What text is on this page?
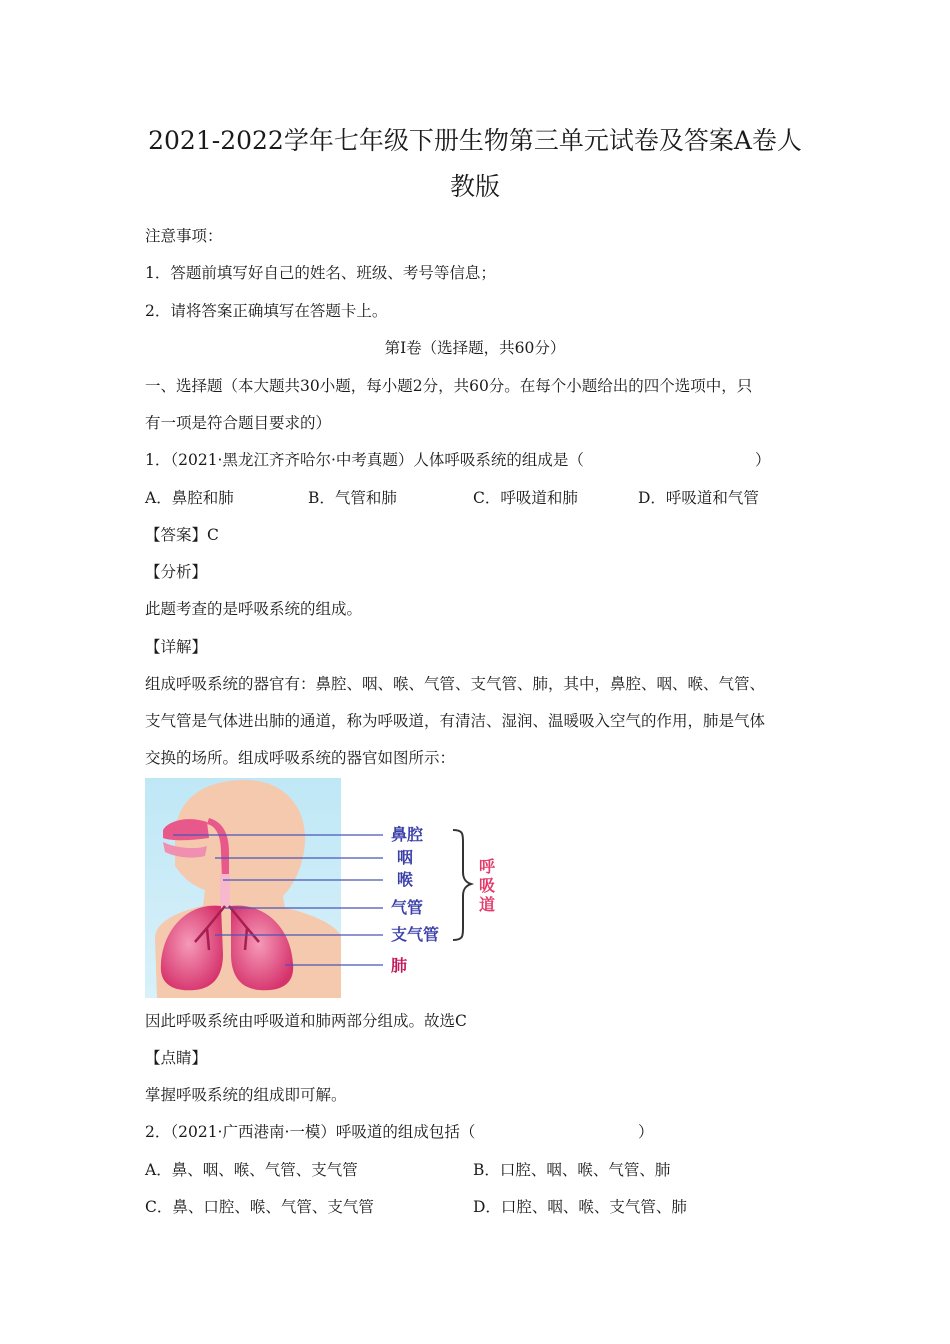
2021-2022学年七年级下册生物第三单元试卷及答案A卷人
教版
注意事项：
1．答题前填写好自己的姓名、班级、考号等信息；
2．请将答案正确填写在答题卡上。
第I卷（选择题，共60分）
一、选择题（本大题共30小题，每小题2分，共60分。在每个小题给出的四个选项中，只
有一项是符合题目要求的）
1．（2021·黑龙江齐齐哈尔·中考真题）人体呼吸系统的组成是（	）
A．鼻腔和肺	B．气管和肺	C．呼吸道和肺	D．呼吸道和气管
【答案】C
【分析】
此题考查的是呼吸系统的组成。
【详解】
组成呼吸系统的器官有：鼻腔、咽、喉、气管、支气管、肺，其中，鼻腔、咽、喉、气管、
支气管是气体进出肺的通道，称为呼吸道，有清洁、湿润、温暖吸入空气的作用，肺是气体
交换的场所。组成呼吸系统的器官如图所示：
鼻腔
咽
喉
气管
支气管
肺
呼
吸
道
因此呼吸系统由呼吸道和肺两部分组成。故选C
【点睛】
掌握呼吸系统的组成即可解。
2．（2021·广西港南·一模）呼吸道的组成包括（	）
A．鼻、咽、喉、气管、支气管	B．口腔、咽、喉、气管、肺
C．鼻、口腔、喉、气管、支气管	D．口腔、咽、喉、支气管、肺
